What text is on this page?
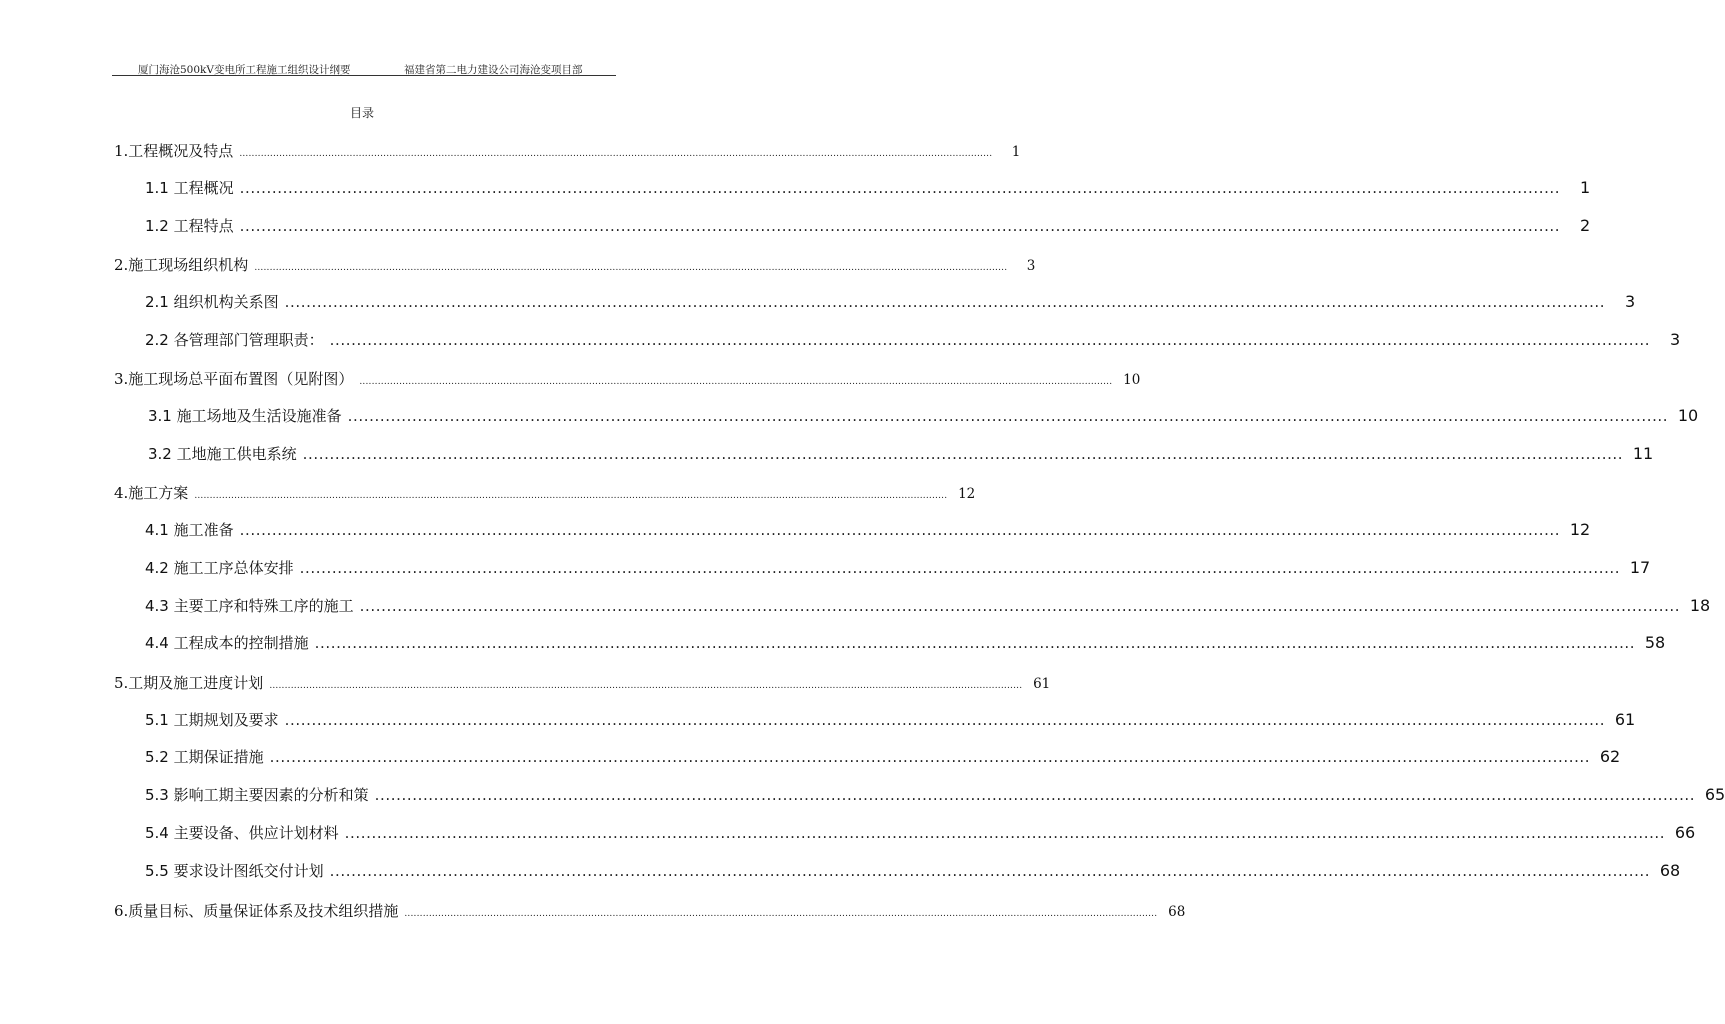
厦门海沧500kV变电所工程施工组织设计纲要	福建省第二电力建设公司海沧变项目部
目录
1.工程概况及特点 ......................................................................................................................................................................................................................................................	1
1.1 工程概况 ......................................................................................................................................................................................................................................................	1
1.2 工程特点 ......................................................................................................................................................................................................................................................	2
2.施工现场组织机构 ......................................................................................................................................................................................................................................................	3
2.1 组织机构关系图 ......................................................................................................................................................................................................................................................	3
2.2 各管理部门管理职责： ......................................................................................................................................................................................................................................................	3
3.施工现场总平面布置图（见附图） ...................................................................................................................................................................................................................................................... 10
3.1 施工场地及生活设施准备 ...................................................................................................................................................................................................................................................... 10
3.2 工地施工供电系统 ...................................................................................................................................................................................................................................................... 11
4.施工方案 ...................................................................................................................................................................................................................................................... 12
4.1 施工准备 ...................................................................................................................................................................................................................................................... 12
4.2 施工工序总体安排 ...................................................................................................................................................................................................................................................... 17
4.3 主要工序和特殊工序的施工 ...................................................................................................................................................................................................................................................... 18
4.4 工程成本的控制措施 ...................................................................................................................................................................................................................................................... 58
5.工期及施工进度计划 ...................................................................................................................................................................................................................................................... 61
5.1 工期规划及要求 ...................................................................................................................................................................................................................................................... 61
5.2 工期保证措施 ...................................................................................................................................................................................................................................................... 62
5.3 影响工期主要因素的分析和策 ...................................................................................................................................................................................................................................................... 65
5.4 主要设备、供应计划材料 ...................................................................................................................................................................................................................................................... 66
5.5 要求设计图纸交付计划 ...................................................................................................................................................................................................................................................... 68
6.质量目标、质量保证体系及技术组织措施 ...................................................................................................................................................................................................................................................... 68
